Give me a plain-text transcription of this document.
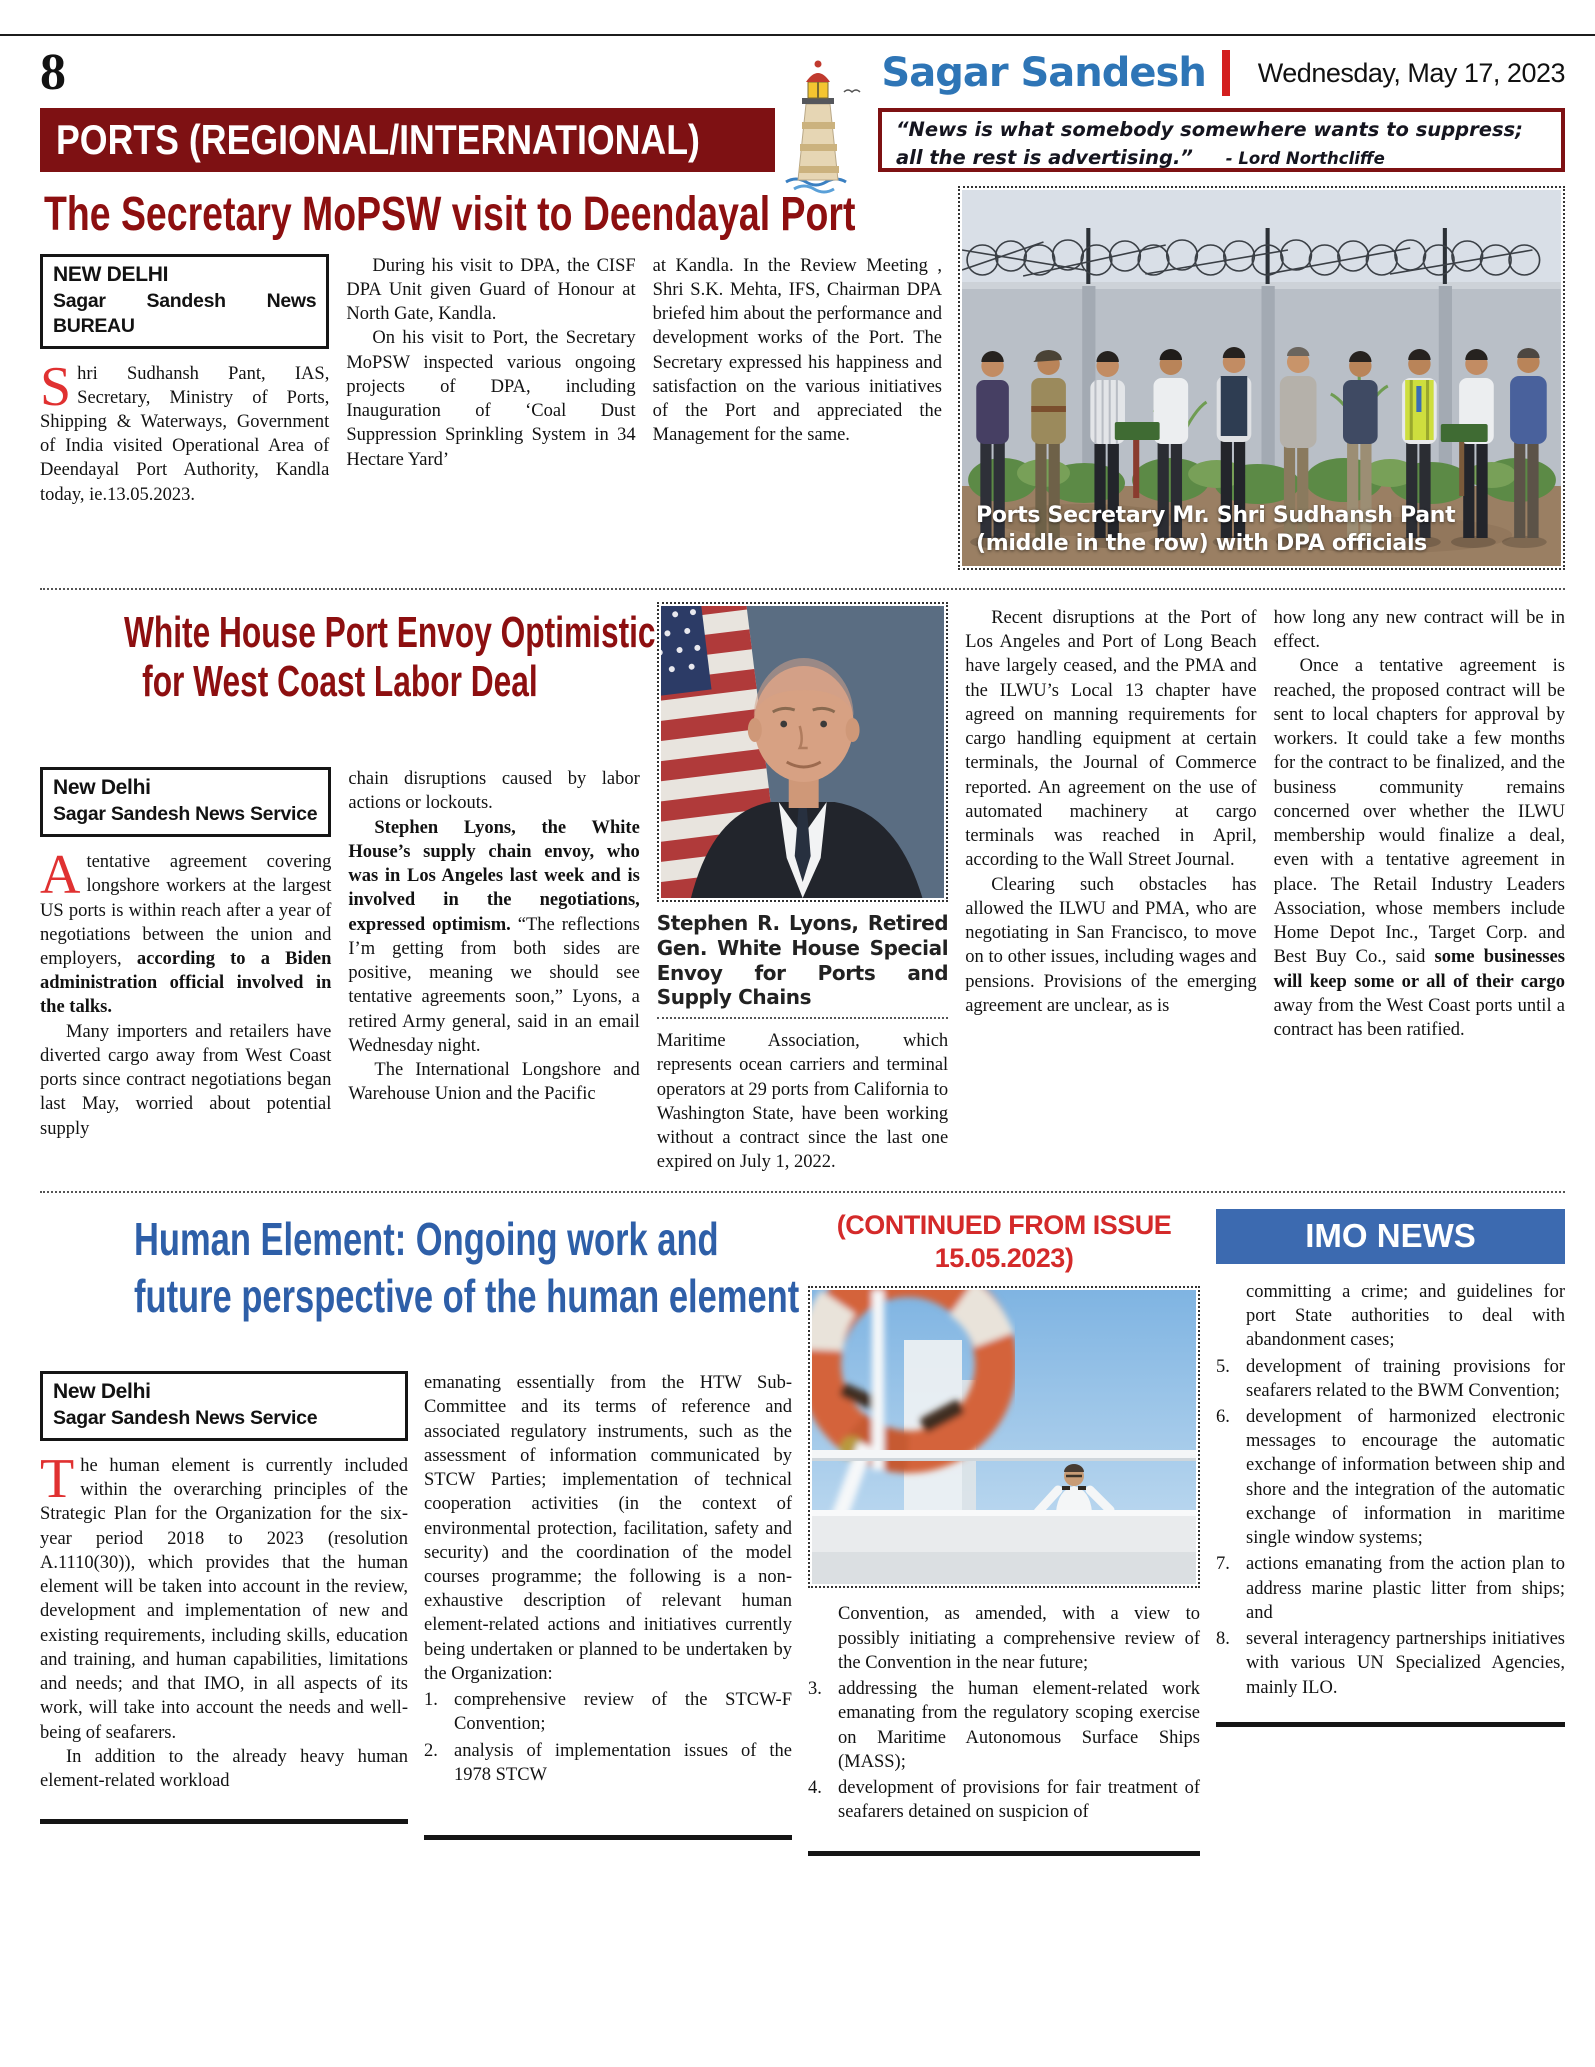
8	Sagar Sandesh Wednesday, May 17, 2023
PORTS (REGIONAL/INTERNATIONAL)	“News is what somebody somewhere wants to suppress; all the rest is advertising.” - Lord Northcliffe
The Secretary MoPSW visit to Deendayal Port
NEW DELHI
Sagar Sandesh News BUREAU

Shri Sudhansh Pant, IAS, Secretary, Ministry of Ports, Shipping & Waterways, Government of India visited Operational Area of Deendayal Port Authority, Kandla today, ie.13.05.2023.

During his visit to DPA, the CISF DPA Unit given Guard of Honour at North Gate, Kandla.

On his visit to Port, the Secretary MoPSW inspected various ongoing projects of DPA, including Inauguration of ‘Coal Dust Suppression Sprinkling System in 34 Hectare Yard’

at Kandla. In the Review Meeting , Shri S.K. Mehta, IFS, Chairman DPA briefed him about the performance and development works of the Port. The Secretary expressed his happiness and satisfaction on the various initiatives of the Port and appreciated the Management for the same.

Ports Secretary Mr. Shri Sudhansh Pant
(middle in the row) with DPA officials
White House Port Envoy Optimistic
for West Coast Labor Deal
New Delhi
Sagar Sandesh News Service

Atentative agreement covering longshore workers at the largest US ports is within reach after a year of negotiations between the union and employers, according to a Biden administration official involved in the talks.

Many importers and retailers have diverted cargo away from West Coast ports since contract negotiations began last May, worried about potential supply

chain disruptions caused by labor actions or lockouts.

Stephen Lyons, the White House’s supply chain envoy, who was in Los Angeles last week and is involved in the negotiations, expressed optimism. “The reflections I’m getting from both sides are positive, meaning we should see tentative agreements soon,” Lyons, a retired Army general, said in an email Wednesday night.

The International Longshore and Warehouse Union and the Pacific

Stephen R. Lyons, Retired Gen. White House Special Envoy for Ports and Supply Chains

Maritime Association, which represents ocean carriers and terminal operators at 29 ports from California to Washington State, have been working without a contract since the last one expired on July 1, 2022.

Recent disruptions at the Port of Los Angeles and Port of Long Beach have largely ceased, and the PMA and the ILWU’s Local 13 chapter have agreed on manning requirements for cargo handling equipment at certain terminals, the Journal of Commerce reported. An agreement on the use of automated machinery at cargo terminals was reached in April, according to the Wall Street Journal.

Clearing such obstacles has allowed the ILWU and PMA, who are negotiating in San Francisco, to move on to other issues, including wages and pensions. Provisions of the emerging agreement are unclear, as is

how long any new contract will be in effect.

Once a tentative agreement is reached, the proposed contract will be sent to local chapters for approval by workers. It could take a few months for the contract to be finalized, and the business community remains concerned over whether the ILWU membership would finalize a deal, even with a tentative agreement in place. The Retail Industry Leaders Association, whose members include Home Depot Inc., Target Corp. and Best Buy Co., said some businesses will keep some or all of their cargo away from the West Coast ports until a contract has been ratified.

Human Element: Ongoing work and
future perspective of the human element
New Delhi
Sagar Sandesh News Service

The human element is currently included within the overarching principles of the Strategic Plan for the Organization for the six-year period 2018 to 2023 (resolution A.1110(30)), which provides that the human element will be taken into account in the review, development and implementation of new and existing requirements, including skills, education and training, and human capabilities, limitations and needs; and that IMO, in all aspects of its work, will take into account the needs and well-being of seafarers.

In addition to the already heavy human element-related workload

emanating essentially from the HTW Sub-Committee and its terms of reference and associated regulatory instruments, such as the assessment of information communicated by STCW Parties; implementation of technical cooperation activities (in the context of environmental protection, facilitation, safety and security) and the coordination of the model courses programme; the following is a non-exhaustive description of relevant human element-related actions and initiatives currently being undertaken or planned to be undertaken by the Organization:

1. comprehensive review of the STCW-F Convention;
2. analysis of implementation issues of the 1978 STCW
(CONTINUED FROM ISSUE
15.05.2023)

Convention, as amended, with a view to possibly initiating a comprehensive review of the Convention in the near future;

3. addressing the human element-related work emanating from the regulatory scoping exercise on Maritime Autonomous Surface Ships (MASS);
4. development of provisions for fair treatment of seafarers detained on suspicion of
IMO NEWS

committing a crime; and guidelines for port State authorities to deal with abandonment cases;

5. development of training provisions for seafarers related to the BWM Convention;
6. development of harmonized electronic messages to encourage the automatic exchange of information between ship and shore and the integration of the automatic exchange of information in maritime single window systems;
7. actions emanating from the action plan to address marine plastic litter from ships; and
8. several interagency partnerships initiatives with various UN Specialized Agencies, mainly ILO.
